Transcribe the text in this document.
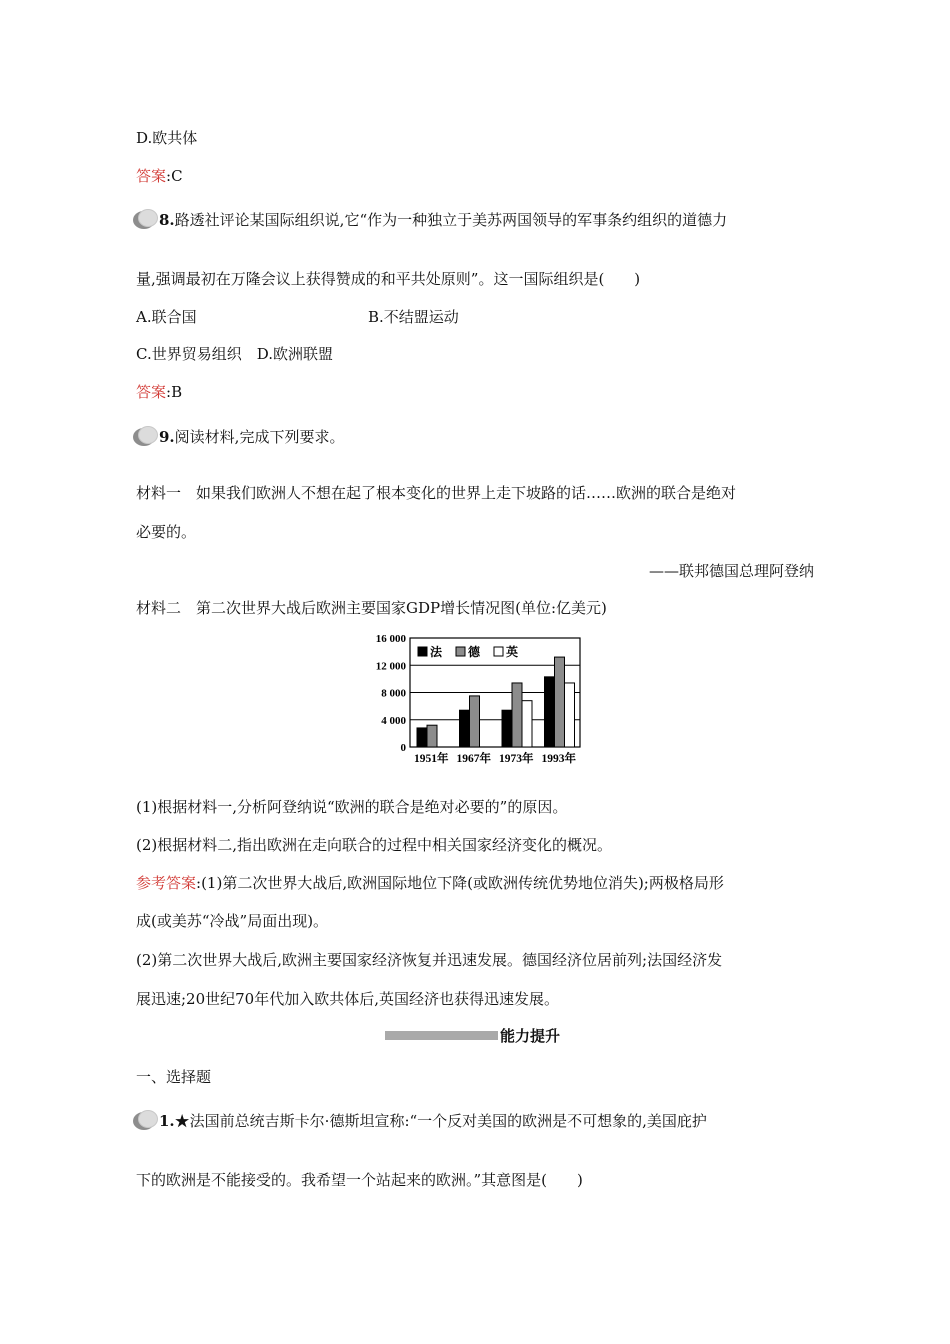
D.欧共体
答案:C
8.路透社评论某国际组织说,它“作为一种独立于美苏两国领导的军事条约组织的道德力
量,强调最初在万隆会议上获得赞成的和平共处原则”。这一国际组织是(　　)
A.联合国	B.不结盟运动
C.世界贸易组织　D.欧洲联盟
答案:B
9.阅读材料,完成下列要求。
材料一　如果我们欧洲人不想在起了根本变化的世界上走下坡路的话……欧洲的联合是绝对
必要的。
——联邦德国总理阿登纳
材料二　第二次世界大战后欧洲主要国家GDP增长情况图(单位:亿美元)
0
4 000
8 000
12 000
16 000
1951年 1967年 1973年 1993年
法 德 英
(1)根据材料一,分析阿登纳说“欧洲的联合是绝对必要的”的原因。
(2)根据材料二,指出欧洲在走向联合的过程中相关国家经济变化的概况。
参考答案:(1)第二次世界大战后,欧洲国际地位下降(或欧洲传统优势地位消失);两极格局形
成(或美苏“冷战”局面出现)。
(2)第二次世界大战后,欧洲主要国家经济恢复并迅速发展。德国经济位居前列;法国经济发
展迅速;20世纪70年代加入欧共体后,英国经济也获得迅速发展。
能力提升
一、选择题
1.★法国前总统吉斯卡尔·德斯坦宣称:“一个反对美国的欧洲是不可想象的,美国庇护
下的欧洲是不能接受的。我希望一个站起来的欧洲。”其意图是(　　)
